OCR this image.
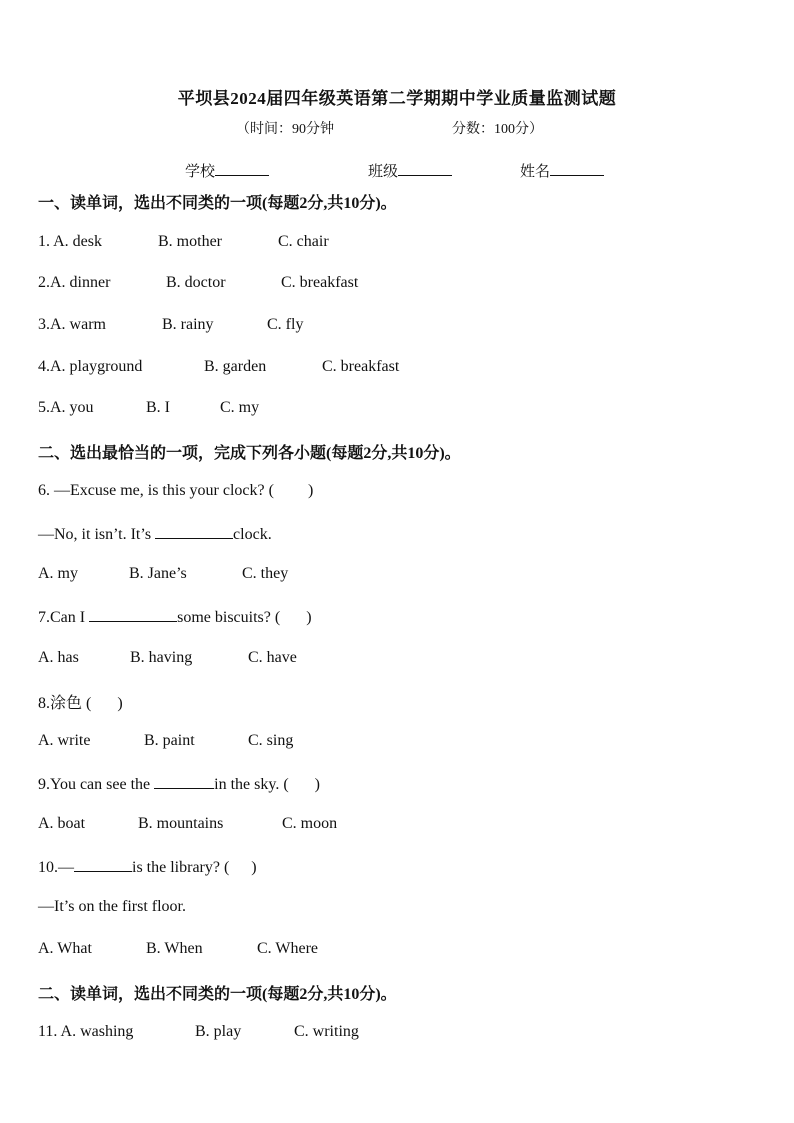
平坝县2024届四年级英语第二学期期中学业质量监测试题
（时间：90分钟	分数：100分）
学校	班级	姓名
一、读单词，选出不同类的一项(每题2分,共10分)。
1. A. desk	B. mother	C. chair
2.A. dinner	B. doctor	C. breakfast
3.A. warm	B. rainy	C. fly
4.A. playground	B. garden	C. breakfast
5.A. you	B. I	C. my
二、选出最恰当的一项，完成下列各小题(每题2分,共10分)。
6. —Excuse me, is this your clock? ( )
—No, it isn’t. It’s	clock.
A. my	B. Jane’s	C. they
7.Can I	some biscuits? ( )
A. has	B. having	C. have
8.涂色 ( )
A. write	B. paint	C. sing
9.You can see the	in the sky. ( )
A. boat	B. mountains	C. moon
10.—	is the library? ( )
—It’s on the first floor.
A. What	B. When	C. Where
二、读单词，选出不同类的一项(每题2分,共10分)。
11. A. washing	B. play	C. writing
